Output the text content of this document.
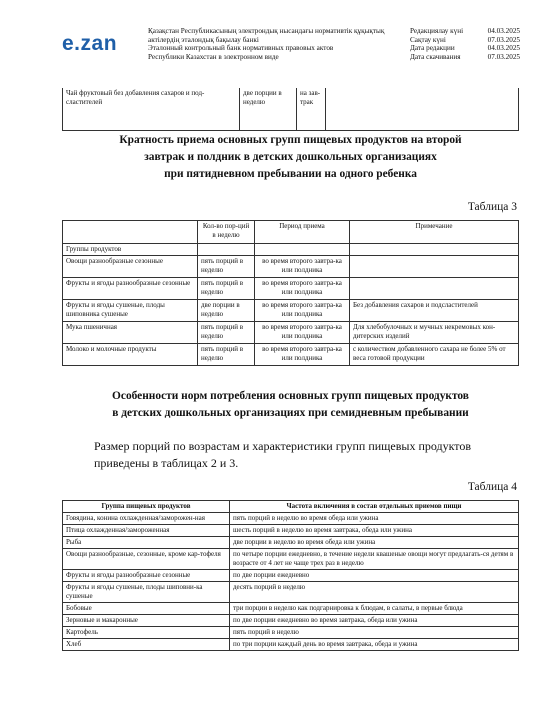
e.zan
Қазақстан Республикасының электрондық нысандағы нормативтік құқықтық
актілердің эталондық бақылау банкі
Эталонный контрольный банк нормативных правовых актов
Республики Казахстан в электронном виде
Редакциялау күні	04.03.2025
Сақтау күні	07.03.2025
Дата редакции	04.03.2025
Дата скачивания	07.03.2025
Чай фруктовый без добавления сахаров и под-сластителей	две порции в неделю	на зав-трак	
Кратность приема основных групп пищевых продуктов на второй
завтрак и полдник в детских дошкольных организациях
при пятидневном пребывании на одного ребенка
Таблица 3
	Кол-во пор-ций в неделю	Период приема	Примечание
Группы продуктов			
Овощи разнообразные сезонные	пять порций в неделю	во время второго завтра-ка или полдника	
Фрукты и ягоды разнообразные сезонные	пять порций в неделю	во время второго завтра-ка или полдника	
Фрукты и ягоды сушеные, плоды шиповника сушеные	две порции в неделю	во время второго завтра-ка или полдника	Без добавления сахаров и подсластителей
Мука пшеничная	пять порций в неделю	во время второго завтра-ка или полдника	Для хлебобулочных и мучных некремовых кон-дитерских изделий
Молоко и молочные продукты	пять порций в неделю	во время второго завтра-ка или полдника	с количеством добавленного сахара не более 5% от веса готовой продукции
Особенности норм потребления основных групп пищевых продуктов
в детских дошкольных организациях при семидневным пребывании
Размер порций по возрастам и характеристики групп пищевых продуктов приведены в таблицах 2 и 3.
Таблица 4
Группа пищевых продуктов	Частота включения в состав отдельных приемов пищи
Говядина, конина охлажденная/заморожен-ная	пять порций в неделю во время обеда или ужина
Птица охлажденная/замороженная	шесть порций в неделю во время завтрака, обеда или ужина
Рыба	две порции в неделю во время обеда или ужина
Овощи разнообразные, сезонные, кроме кар-тофеля	по четыре порции ежедневно, в течение недели квашеные овощи могут предлагать-ся детям в возрасте от 4 лет не чаще трех раз в неделю
Фрукты и ягоды разнообразные сезонные	по две порции ежедневно
Фрукты и ягоды сушеные, плоды шиповни-ка сушеные	десять порций в неделю
Бобовые	три порции в неделю как подгарнировка к блюдам, в салаты, в первые блюда
Зерновые и макаронные	по две порции ежедневно во время завтрака, обеда или ужина
Картофель	пять порций в неделю
Хлеб	по три порции каждый день во время завтрака, обеда и ужина
